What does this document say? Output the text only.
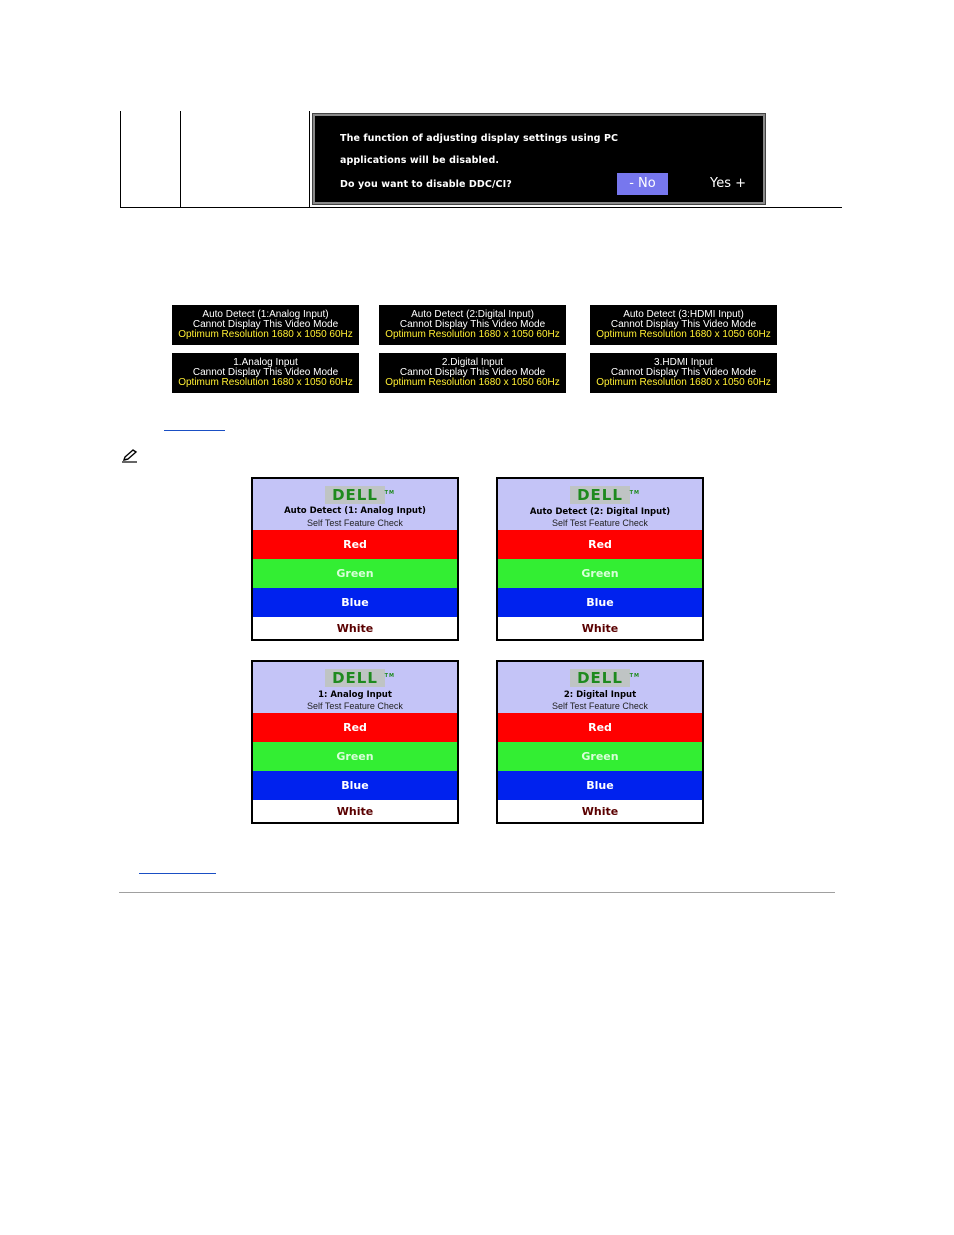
The function of adjusting display settings using PC
applications will be disabled.
Do you want to disable DDC/CI?	- No	Yes +
Auto Detect (1:Analog Input)
Cannot Display This Video Mode
Optimum Resolution 1680 x 1050 60Hz
Auto Detect (2:Digital Input)
Cannot Display This Video Mode
Optimum Resolution 1680 x 1050 60Hz
Auto Detect (3:HDMI Input)
Cannot Display This Video Mode
Optimum Resolution 1680 x 1050 60Hz
1.Analog Input
Cannot Display This Video Mode
Optimum Resolution 1680 x 1050 60Hz
2.Digital Input
Cannot Display This Video Mode
Optimum Resolution 1680 x 1050 60Hz
3.HDMI Input
Cannot Display This Video Mode
Optimum Resolution 1680 x 1050 60Hz
DELL TM
Auto Detect (1: Analog Input)
Self Test Feature Check
Red
Green
Blue
White
DELL TM
Auto Detect (2: Digital Input)
Self Test Feature Check
Red
Green
Blue
White
DELL TM
1: Analog Input
Self Test Feature Check
Red
Green
Blue
White
DELL TM
2: Digital Input
Self Test Feature Check
Red
Green
Blue
White
